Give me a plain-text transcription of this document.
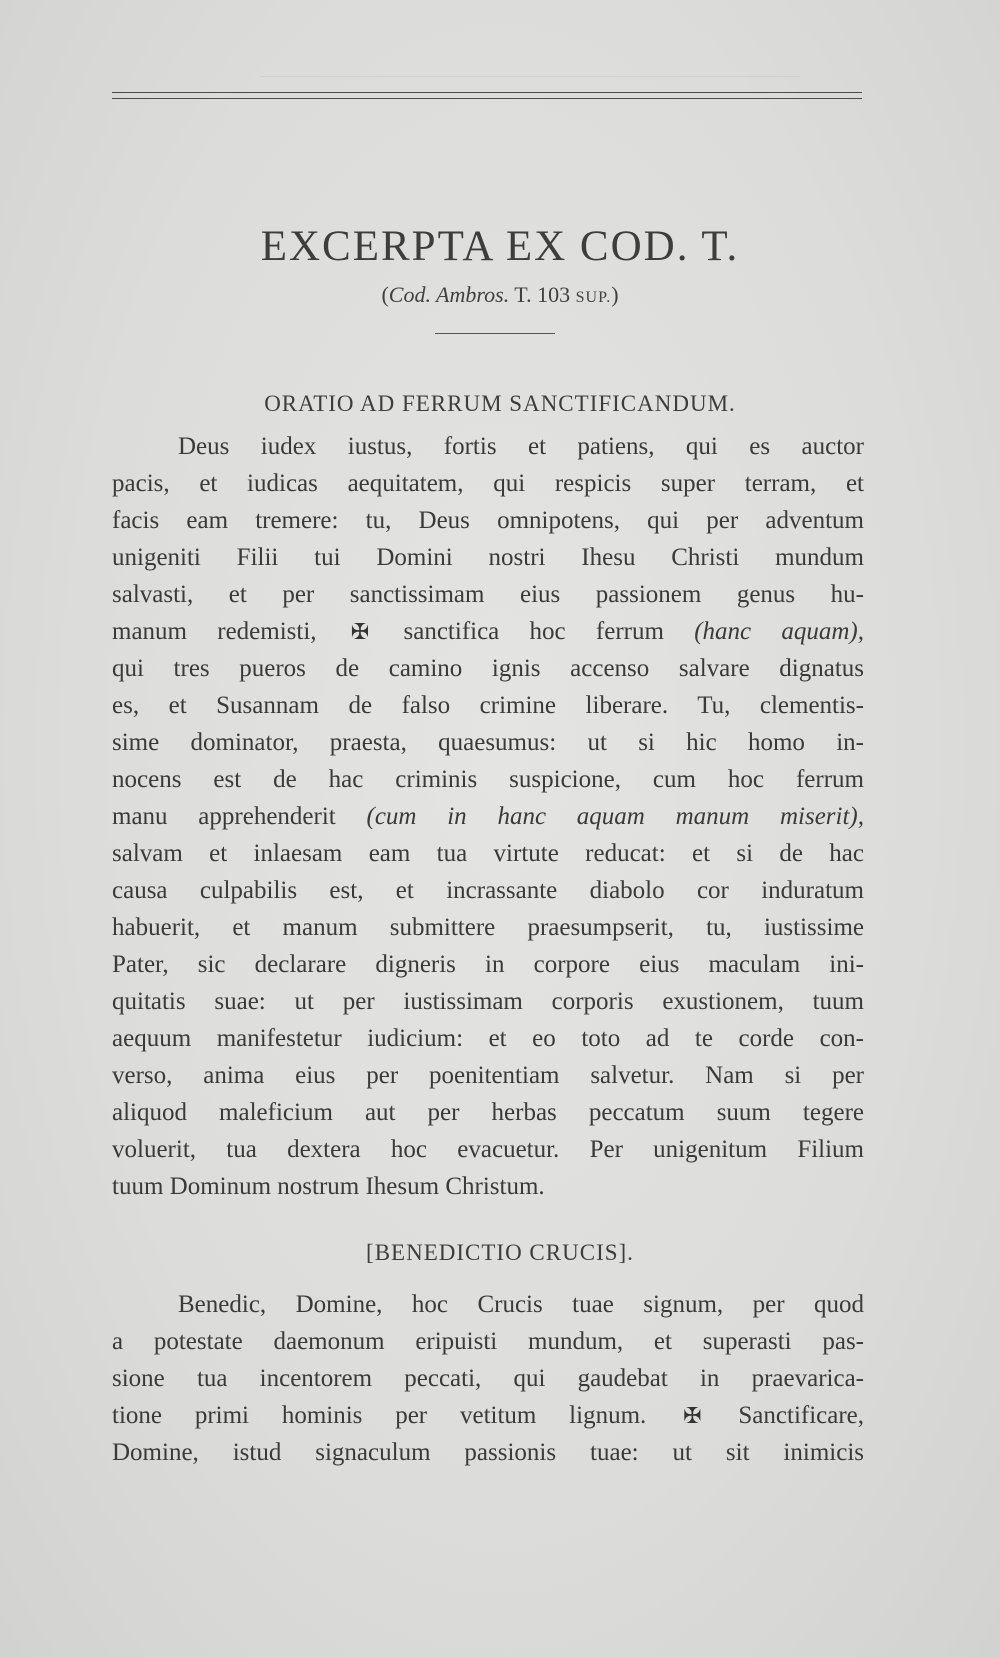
EXCERPTA EX COD. T.
(Cod. Ambros. T. 103 SUP.)
ORATIO AD FERRUM SANCTIFICANDUM.
Deus iudex iustus, fortis et patiens, qui es auctor
pacis, et iudicas aequitatem, qui respicis super terram, et
facis eam tremere: tu, Deus omnipotens, qui per adventum
unigeniti Filii tui Domini nostri Ihesu Christi mundum
salvasti, et per sanctissimam eius passionem genus hu-
manum redemisti, ✠ sanctifica hoc ferrum (hanc aquam),
qui tres pueros de camino ignis accenso salvare dignatus
es, et Susannam de falso crimine liberare. Tu, clementis-
sime dominator, praesta, quaesumus: ut si hic homo in-
nocens est de hac criminis suspicione, cum hoc ferrum
manu apprehenderit (cum in hanc aquam manum miserit),
salvam et inlaesam eam tua virtute reducat: et si de hac
causa culpabilis est, et incrassante diabolo cor induratum
habuerit, et manum submittere praesumpserit, tu, iustissime
Pater, sic declarare digneris in corpore eius maculam ini-
quitatis suae: ut per iustissimam corporis exustionem, tuum
aequum manifestetur iudicium: et eo toto ad te corde con-
verso, anima eius per poenitentiam salvetur. Nam si per
aliquod maleficium aut per herbas peccatum suum tegere
voluerit, tua dextera hoc evacuetur. Per unigenitum Filium
tuum Dominum nostrum Ihesum Christum.
[BENEDICTIO CRUCIS].
Benedic, Domine, hoc Crucis tuae signum, per quod
a potestate daemonum eripuisti mundum, et superasti pas-
sione tua incentorem peccati, qui gaudebat in praevarica-
tione primi hominis per vetitum lignum. ✠ Sanctificare,
Domine, istud signaculum passionis tuae: ut sit inimicis
